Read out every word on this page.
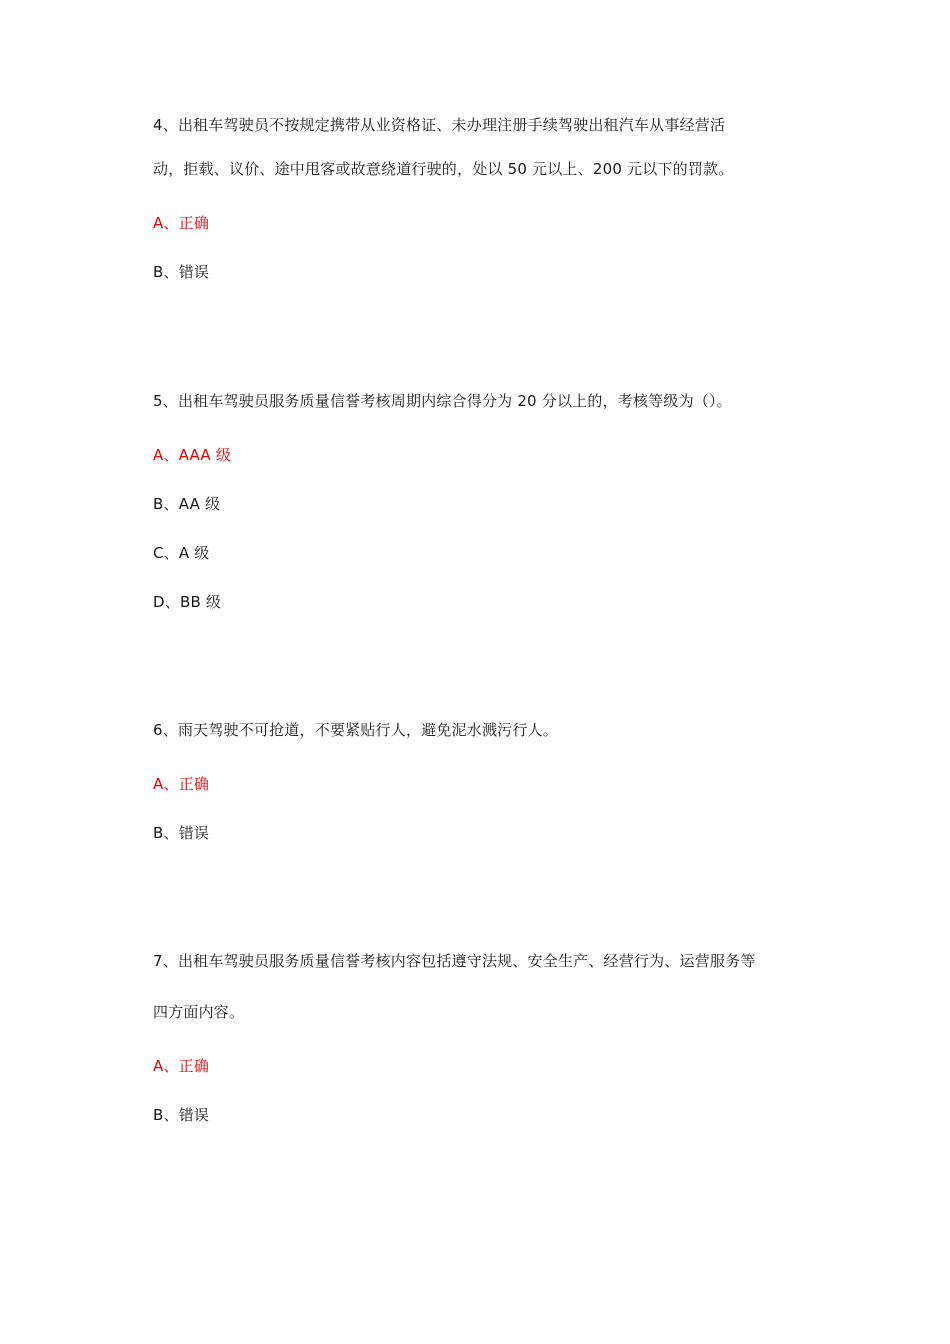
4、出租车驾驶员不按规定携带从业资格证、未办理注册手续驾驶出租汽车从事经营活
动，拒载、议价、途中甩客或故意绕道行驶的，处以 50 元以上、200 元以下的罚款。
A、正确
B、错误
5、出租车驾驶员服务质量信誉考核周期内综合得分为 20 分以上的，考核等级为（）。
A、AAA 级
B、AA 级
C、A 级
D、BB 级
6、雨天驾驶不可抢道，不要紧贴行人，避免泥水溅污行人。
A、正确
B、错误
7、出租车驾驶员服务质量信誉考核内容包括遵守法规、安全生产、经营行为、运营服务等
四方面内容。
A、正确
B、错误
